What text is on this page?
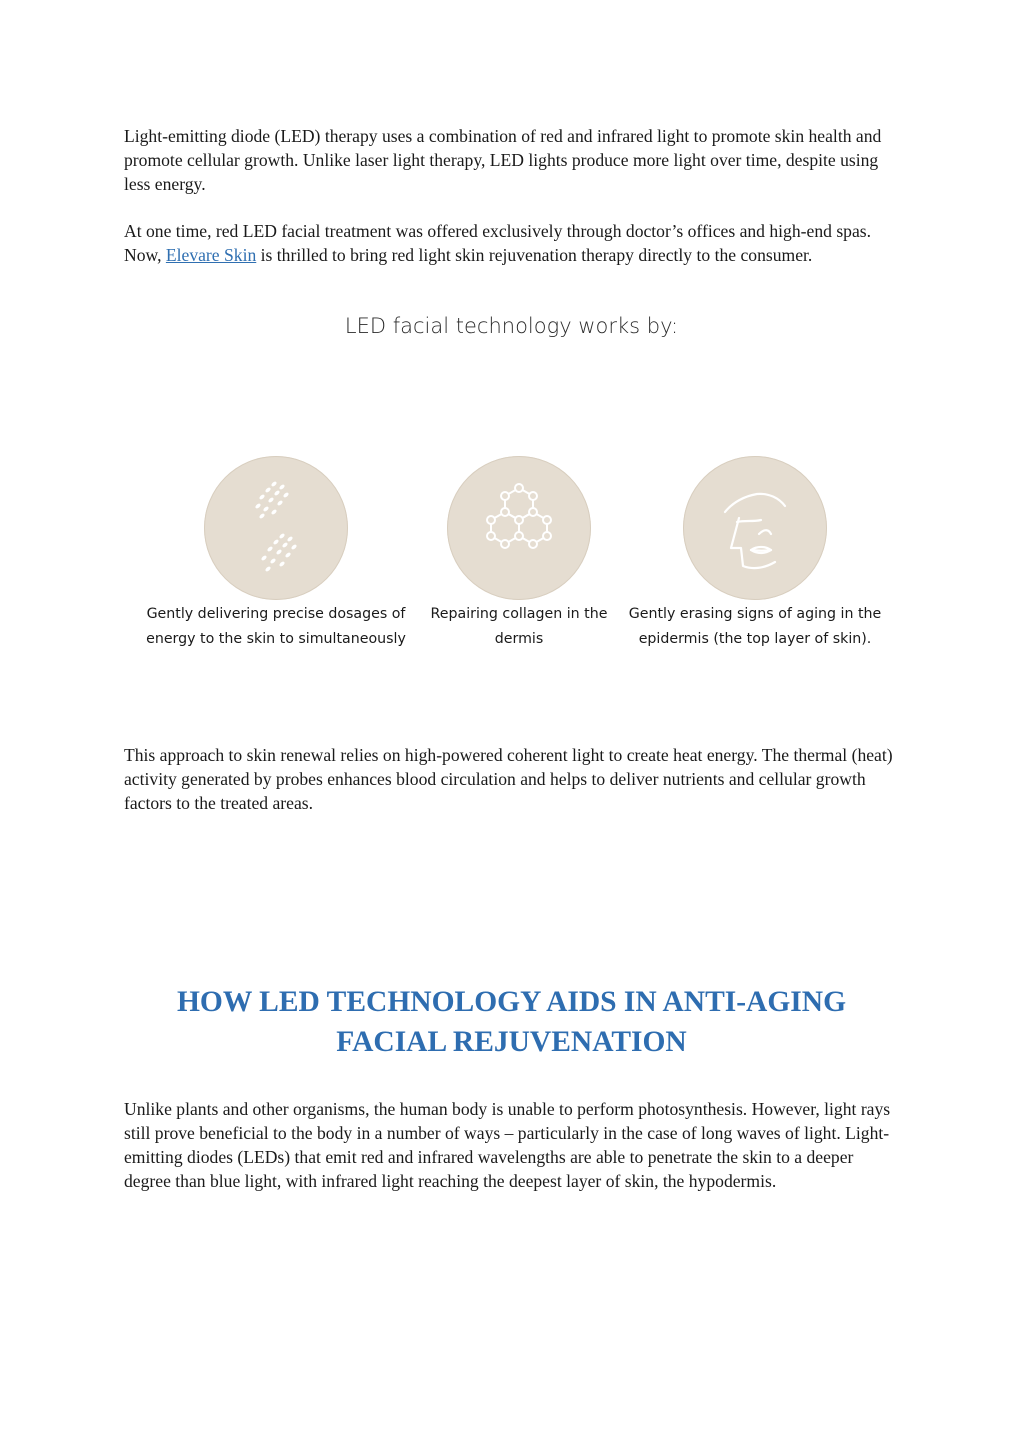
Light-emitting diode (LED) therapy uses a combination of red and infrared light to promote skin health and promote cellular growth. Unlike laser light therapy, LED lights produce more light over time, despite using less energy.

At one time, red LED facial treatment was offered exclusively through doctor’s offices and high-end spas. Now, Elevare Skin is thrilled to bring red light skin rejuvenation therapy directly to the consumer.

LED facial technology works by:
Gently delivering precise dosages of energy to the skin to simultaneously
Repairing collagen in the dermis
Gently erasing signs of aging in the epidermis (the top layer of skin).

This approach to skin renewal relies on high-powered coherent light to create heat energy. The thermal (heat) activity generated by probes enhances blood circulation and helps to deliver nutrients and cellular growth factors to the treated areas.

HOW LED TECHNOLOGY AIDS IN ANTI-AGING FACIAL REJUVENATION

Unlike plants and other organisms, the human body is unable to perform photosynthesis. However, light rays still prove beneficial to the body in a number of ways – particularly in the case of long waves of light. Light-emitting diodes (LEDs) that emit red and infrared wavelengths are able to penetrate the skin to a deeper degree than blue light, with infrared light reaching the deepest layer of skin, the hypodermis.
